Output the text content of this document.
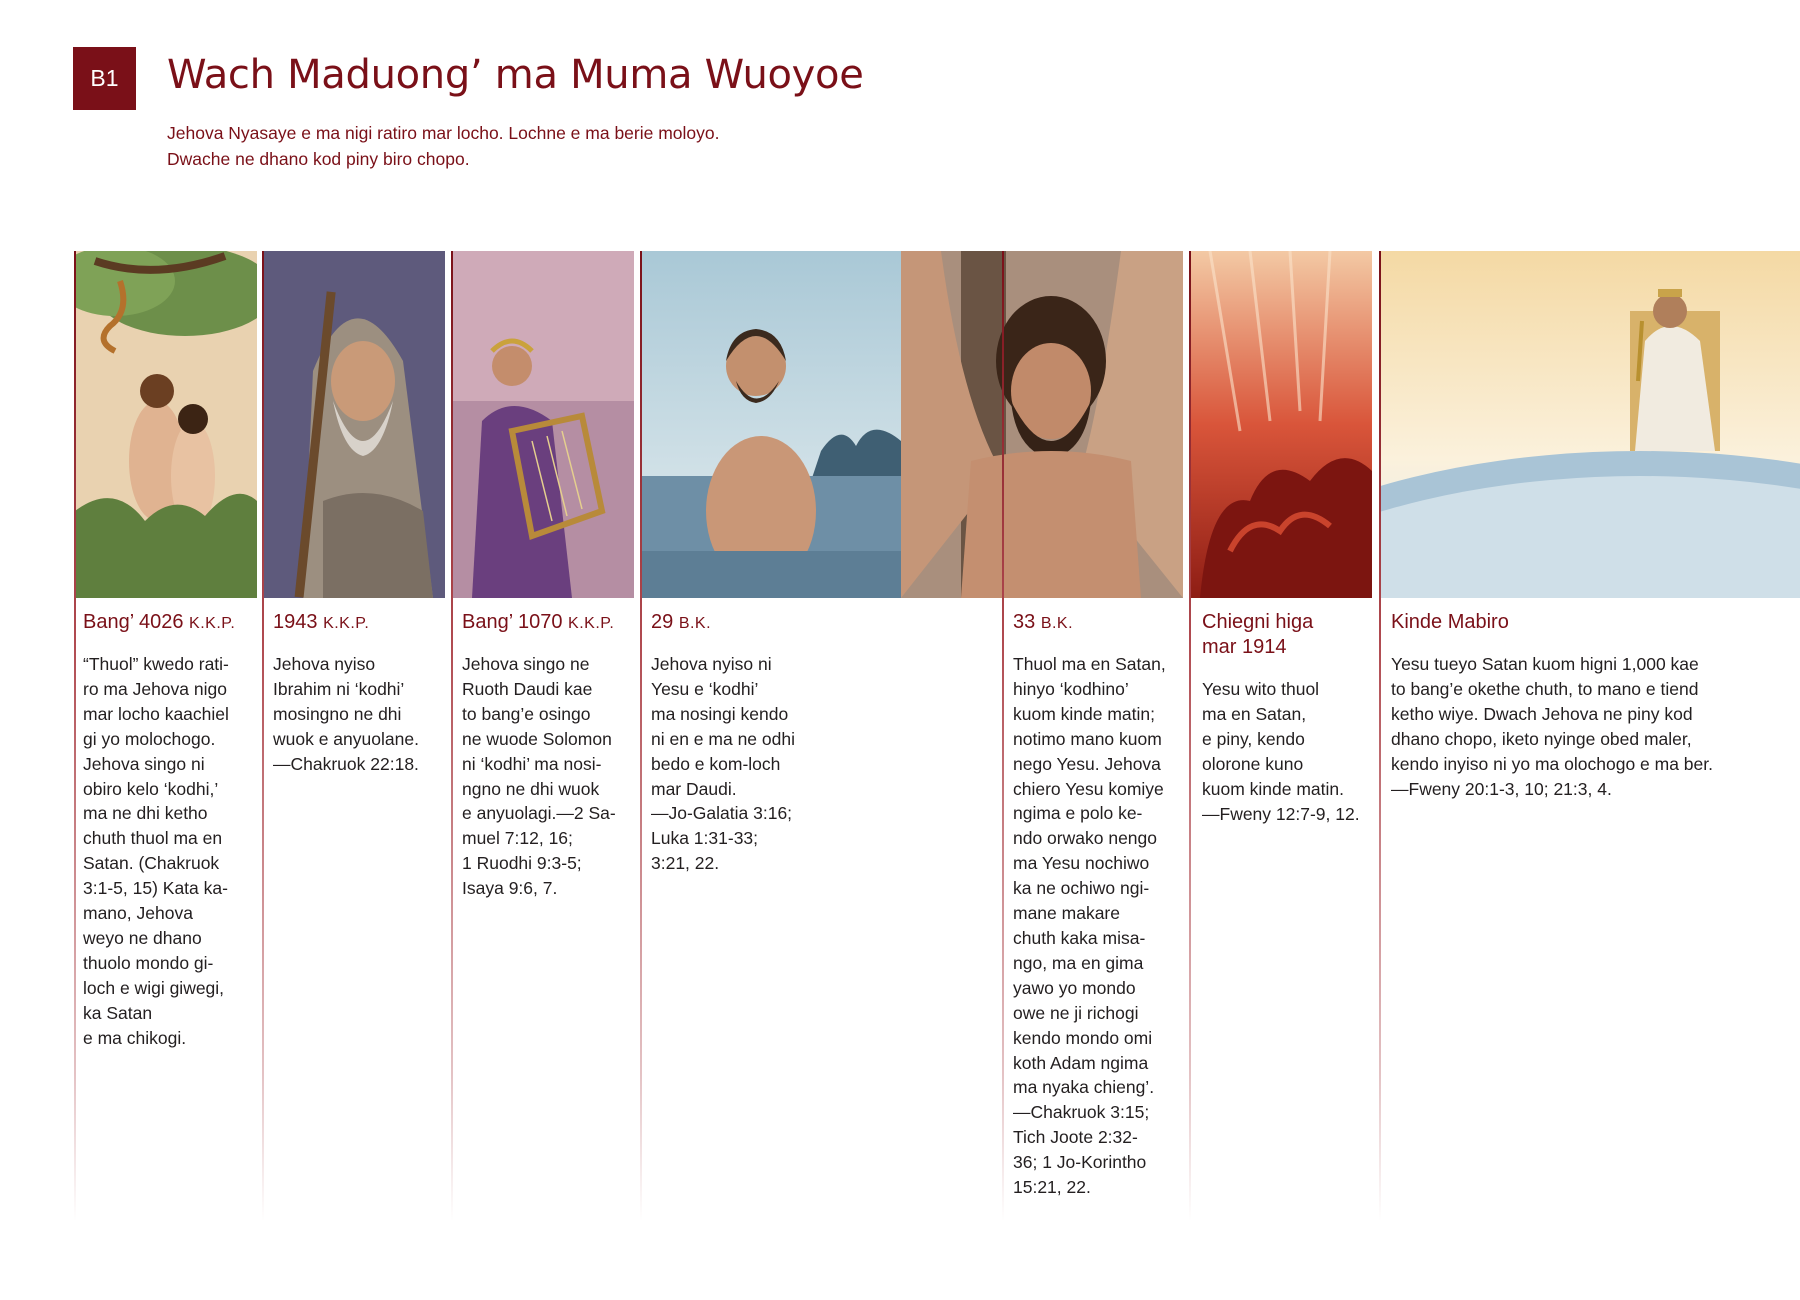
B1	Wach Maduong’ ma Muma Wuoyoe
Jehova Nyasaye e ma nigi ratiro mar locho. Lochne e ma berie moloyo.
Dwache ne dhano kod piny biro chopo.
Bang’ 4026 K.K.P.
“Thuol” kwedo rati-
ro ma Jehova nigo
mar locho kaachiel
gi yo molochogo.
Jehova singo ni
obiro kelo ‘kodhi,’
ma ne dhi ketho
chuth thuol ma en
Satan. (Chakruok
3:1-5, 15) Kata ka-
mano, Jehova
weyo ne dhano
thuolo mondo gi-
loch e wigi giwegi,
ka Satan
e ma chikogi.
1943 K.K.P.
Jehova nyiso
Ibrahim ni ‘kodhi’
mosingno ne dhi
wuok e anyuolane.
—Chakruok 22:18.
Bang’ 1070 K.K.P.
Jehova singo ne
Ruoth Daudi kae
to bang’e osingo
ne wuode Solomon
ni ‘kodhi’ ma nosi-
ngno ne dhi wuok
e anyuolagi.—2 Sa-
muel 7:12, 16;
1 Ruodhi 9:3-5;
Isaya 9:6, 7.
29 B.K.
Jehova nyiso ni
Yesu e ‘kodhi’
ma nosingi kendo
ni en e ma ne odhi
bedo e kom-loch
mar Daudi.
—Jo-Galatia 3:16;
Luka 1:31-33;
3:21, 22.
33 B.K.
Thuol ma en Satan,
hinyo ‘kodhino’
kuom kinde matin;
notimo mano kuom
nego Yesu. Jehova
chiero Yesu komiye
ngima e polo ke-
ndo orwako nengo
ma Yesu nochiwo
ka ne ochiwo ngi-
mane makare
chuth kaka misa-
ngo, ma en gima
yawo yo mondo
owe ne ji richogi
kendo mondo omi
koth Adam ngima
ma nyaka chieng’.
—Chakruok 3:15;
Tich Joote 2:32-
36; 1 Jo-Korintho
15:21, 22.
Chiegni higa mar 1914
Yesu wito thuol
ma en Satan,
e piny, kendo
olorone kuno
kuom kinde matin.
—Fweny 12:7-9, 12.
Kinde Mabiro
Yesu tueyo Satan kuom higni 1,000 kae
to bang’e okethe chuth, to mano e tiend
ketho wiye. Dwach Jehova ne piny kod
dhano chopo, iketo nyinge obed maler,
kendo inyiso ni yo ma olochogo e ma ber.
—Fweny 20:1-3, 10; 21:3, 4.
